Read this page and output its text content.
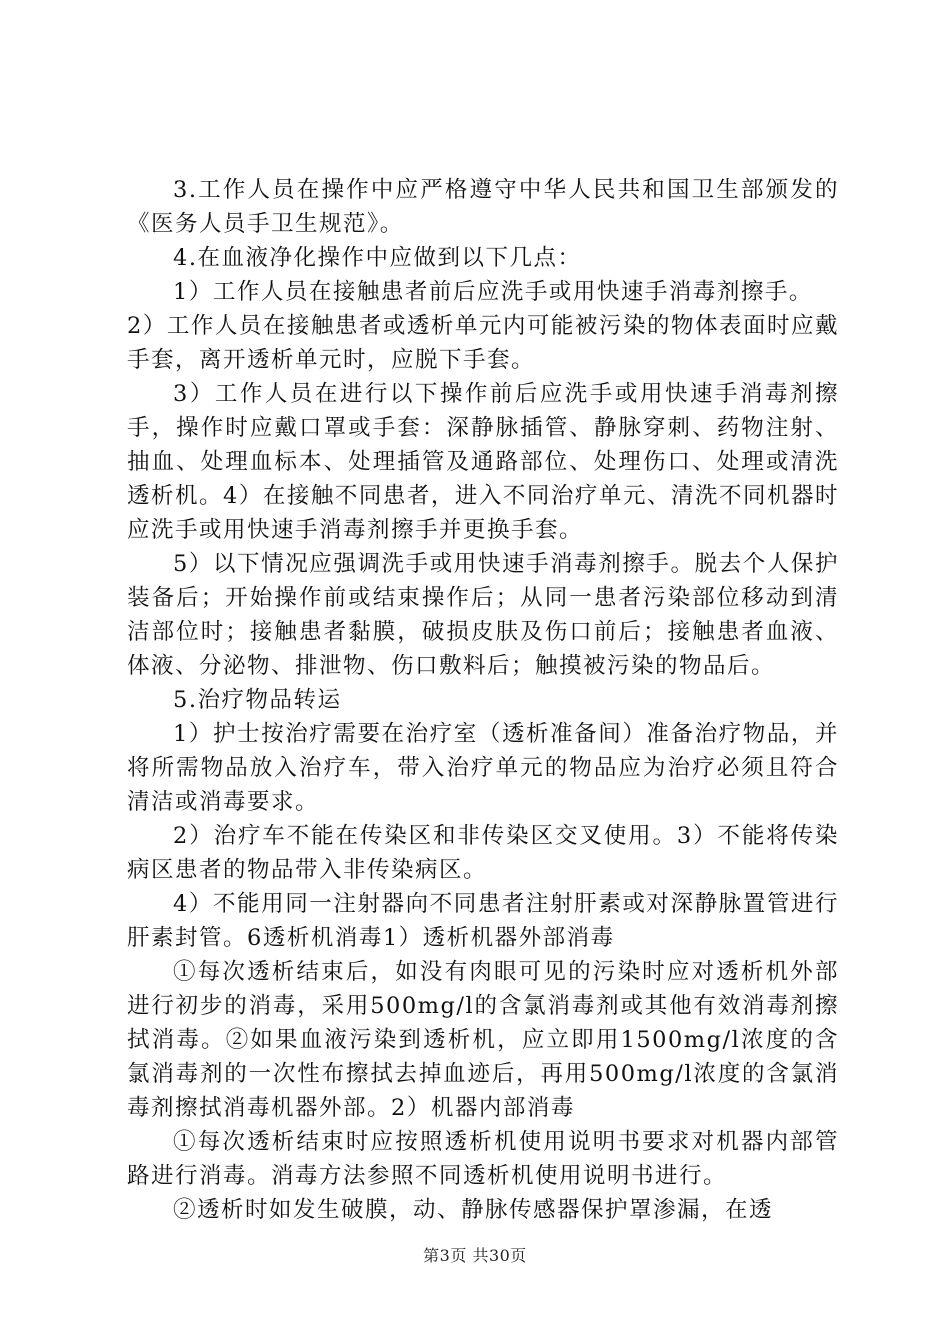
3.工作人员在操作中应严格遵守中华人民共和国卫生部颁发的《医务人员手卫生规范》。

4.在血液净化操作中应做到以下几点：

1）工作人员在接触患者前后应洗手或用快速手消毒剂擦手。

2）工作人员在接触患者或透析单元内可能被污染的物体表面时应戴手套，离开透析单元时，应脱下手套。

3）工作人员在进行以下操作前后应洗手或用快速手消毒剂擦手，操作时应戴口罩或手套：深静脉插管、静脉穿刺、药物注射、抽血、处理血标本、处理插管及通路部位、处理伤口、处理或清洗透析机。4）在接触不同患者，进入不同治疗单元、清洗不同机器时应洗手或用快速手消毒剂擦手并更换手套。

5）以下情况应强调洗手或用快速手消毒剂擦手。脱去个人保护装备后；开始操作前或结束操作后；从同一患者污染部位移动到清洁部位时；接触患者黏膜，破损皮肤及伤口前后；接触患者血液、体液、分泌物、排泄物、伤口敷料后；触摸被污染的物品后。

5.治疗物品转运

1）护士按治疗需要在治疗室（透析准备间）准备治疗物品，并将所需物品放入治疗车，带入治疗单元的物品应为治疗必须且符合清洁或消毒要求。

2）治疗车不能在传染区和非传染区交叉使用。3）不能将传染病区患者的物品带入非传染病区。

4）不能用同一注射器向不同患者注射肝素或对深静脉置管进行肝素封管。6透析机消毒1）透析机器外部消毒

①每次透析结束后，如没有肉眼可见的污染时应对透析机外部进行初步的消毒，采用500mg/l的含氯消毒剂或其他有效消毒剂擦拭消毒。②如果血液污染到透析机，应立即用1500mg/l浓度的含氯消毒剂的一次性布擦拭去掉血迹后，再用500mg/l浓度的含氯消毒剂擦拭消毒机器外部。2）机器内部消毒

①每次透析结束时应按照透析机使用说明书要求对机器内部管路进行消毒。消毒方法参照不同透析机使用说明书进行。

②透析时如发生破膜，动、静脉传感器保护罩渗漏，在透

第3页 共30页
